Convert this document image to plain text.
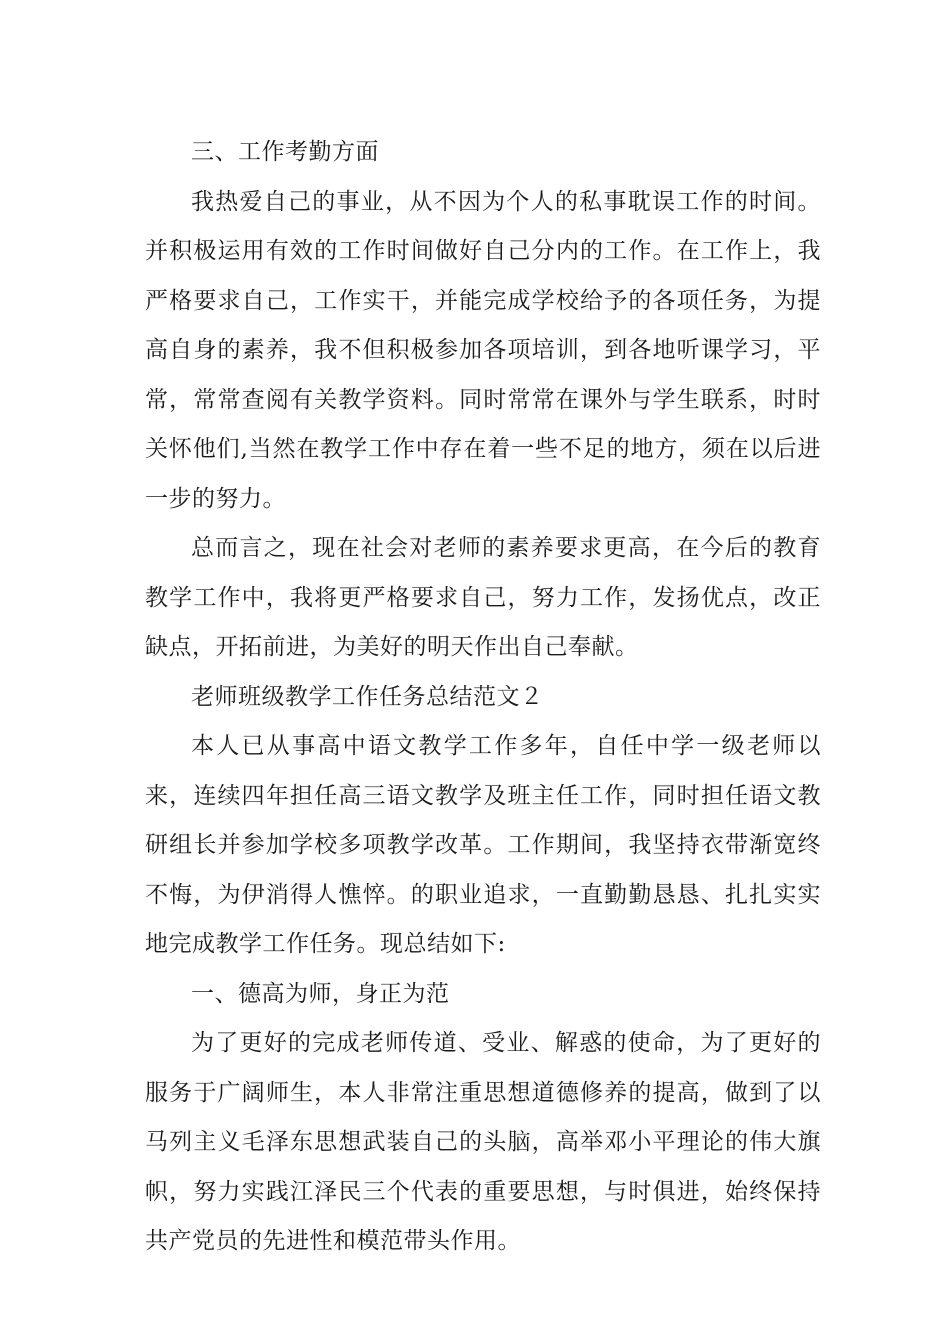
三、工作考勤方面

我热爱自己的事业，从不因为个人的私事耽误工作的时间。并积极运用有效的工作时间做好自己分内的工作。在工作上，我严格要求自己，工作实干，并能完成学校给予的各项任务，为提高自身的素养，我不但积极参加各项培训，到各地听课学习，平常，常常查阅有关教学资料。同时常常在课外与学生联系，时时关怀他们,当然在教学工作中存在着一些不足的地方，须在以后进一步的努力。

总而言之，现在社会对老师的素养要求更高，在今后的教育教学工作中，我将更严格要求自己，努力工作，发扬优点，改正缺点，开拓前进，为美好的明天作出自己奉献。

老师班级教学工作任务总结范文２

本人已从事高中语文教学工作多年，自任中学一级老师以来，连续四年担任高三语文教学及班主任工作，同时担任语文教研组长并参加学校多项教学改革。工作期间，我坚持衣带渐宽终不悔，为伊消得人憔悴。的职业追求，一直勤勤恳恳、扎扎实实地完成教学工作任务。现总结如下:

一、德高为师，身正为范

为了更好的完成老师传道、受业、解惑的使命，为了更好的服务于广阔师生，本人非常注重思想道德修养的提高，做到了以马列主义毛泽东思想武装自己的头脑，高举邓小平理论的伟大旗帜，努力实践江泽民三个代表的重要思想，与时俱进，始终保持共产党员的先进性和模范带头作用。
